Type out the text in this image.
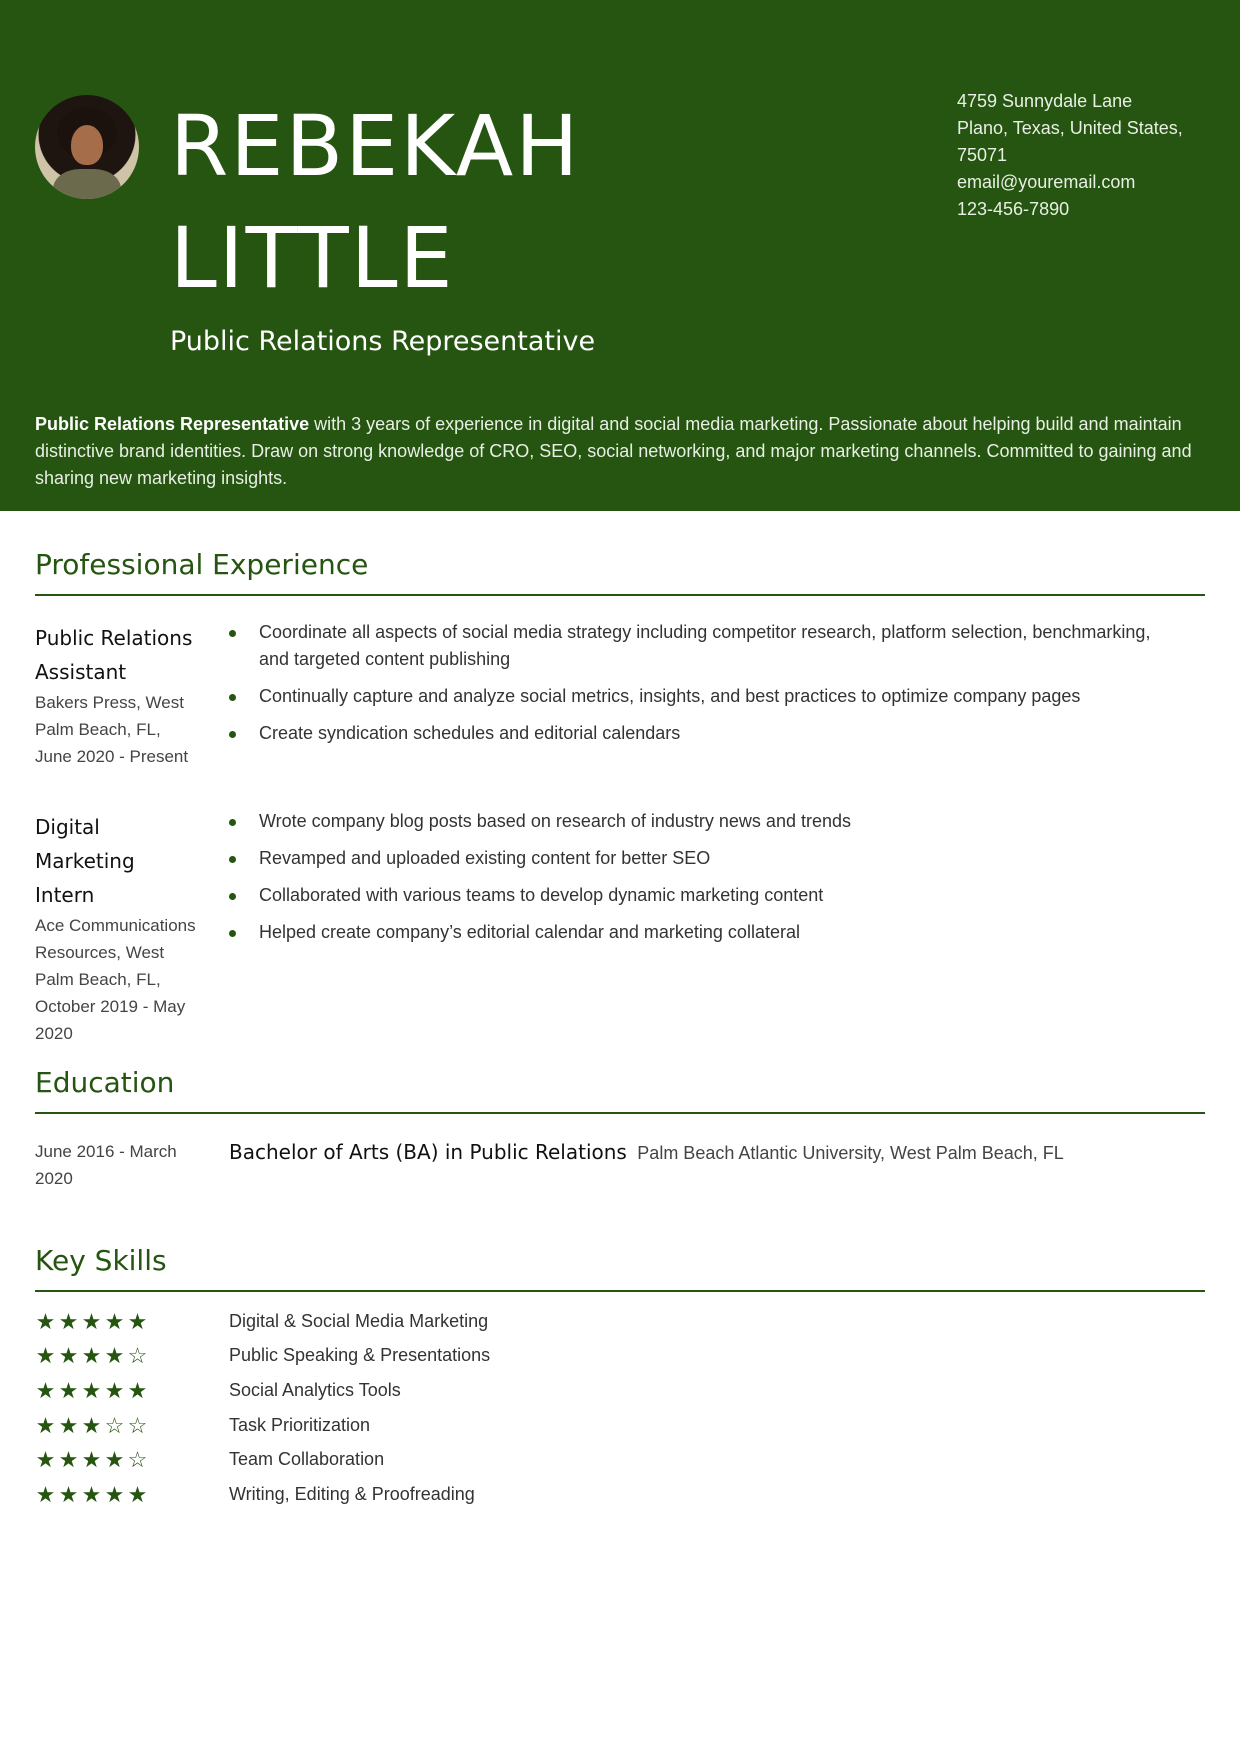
REBEKAH
LITTLE
Public Relations Representative
4759 Sunnydale Lane
Plano, Texas, United States, 75071
email@youremail.com
123-456-7890
Public Relations Representative with 3 years of experience in digital and social media marketing. Passionate about helping build and maintain distinctive brand identities. Draw on strong knowledge of CRO, SEO, social networking, and major marketing channels. Committed to gaining and sharing new marketing insights.
Professional Experience
Public Relations Assistant
Bakers Press, West Palm Beach, FL, June 2020 - Present
Coordinate all aspects of social media strategy including competitor research, platform selection, benchmarking, and targeted content publishing
Continually capture and analyze social metrics, insights, and best practices to optimize company pages
Create syndication schedules and editorial calendars
Digital Marketing Intern
Ace Communications Resources, West Palm Beach, FL, October 2019 - May 2020
Wrote company blog posts based on research of industry news and trends
Revamped and uploaded existing content for better SEO
Collaborated with various teams to develop dynamic marketing content
Helped create company’s editorial calendar and marketing collateral
Education
June 2016 - March 2020
Bachelor of Arts (BA) in Public Relations Palm Beach Atlantic University, West Palm Beach, FL
Key Skills
★ ★ ★ ★ ★	Digital & Social Media Marketing
★ ★ ★ ★ ☆	Public Speaking & Presentations
★ ★ ★ ★ ★	Social Analytics Tools
★ ★ ★ ☆ ☆	Task Prioritization
★ ★ ★ ★ ☆	Team Collaboration
★ ★ ★ ★ ★	Writing, Editing & Proofreading
